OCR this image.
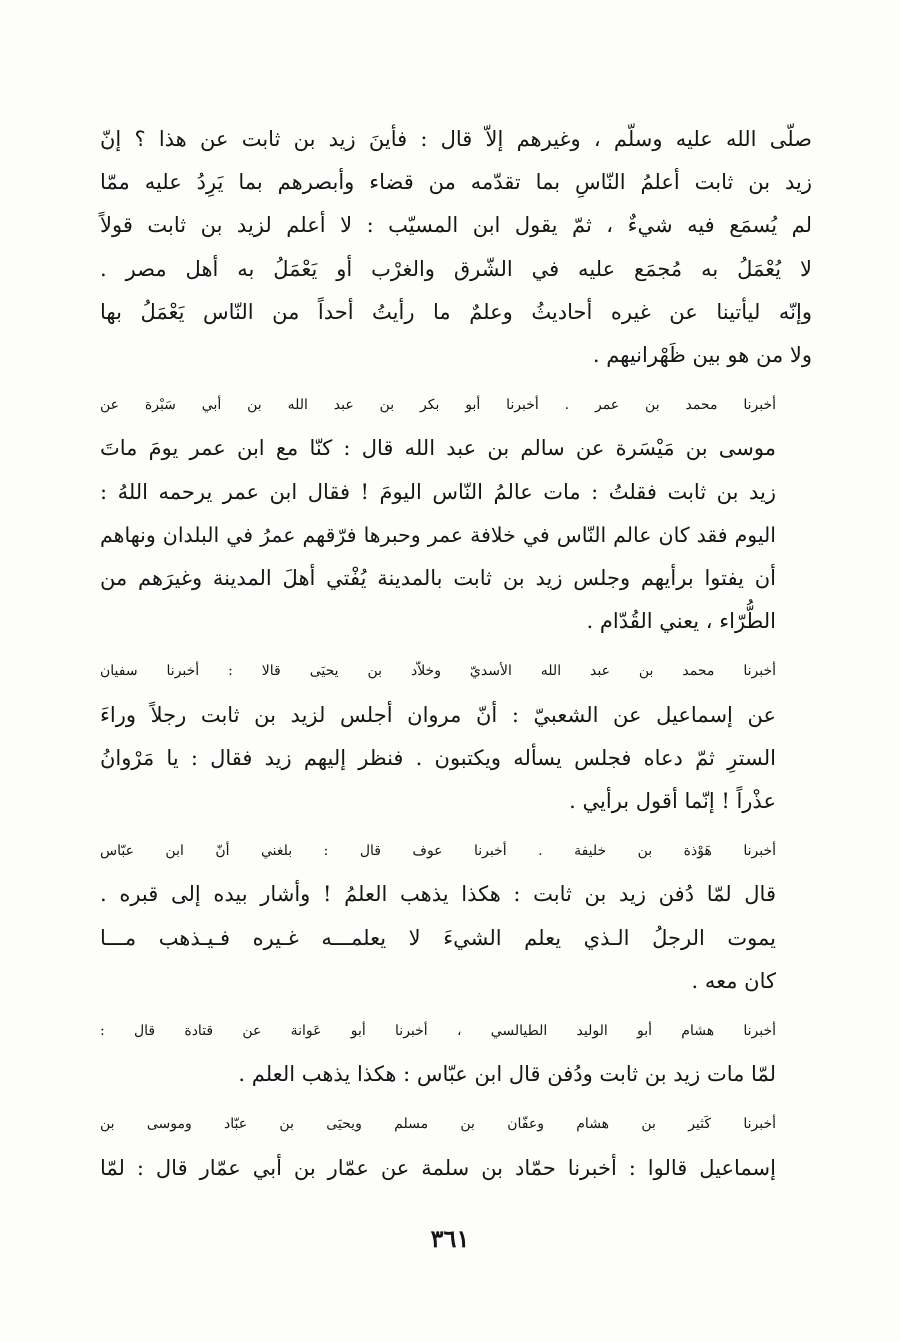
صلّى الله عليه وسلّم ، وغيرهم إلاّ قال : فأينَ زيد بن ثابت عن هذا ؟ إنّ
زيد بن ثابت أعلمُ النّاسِ بما تقدّمه من قضاء وأبصرهم بما يَرِدُ عليه ممّا
لم يُسمَع فيه شيءٌ ، ثمّ يقول ابن المسيّب : لا أعلم لزيد بن ثابت قولاً
لا يُعْمَلُ به مُجمَع عليه في الشّرق والغرْب أو يَعْمَلُ به أهل مصر .
وإنّه ليأتينا عن غيره أحاديثُ وعلمٌ ما رأيتُ أحداً من النّاس يَعْمَلُ بها
ولا من هو بين ظَهْرانيهم .

أخبرنا محمد بن عمر . أخبرنا أبو بكر بن عبد الله بن أبي سَبْرة عن
موسى بن مَيْسَرة عن سالم بن عبد الله قال : كنّا مع ابن عمر يومَ ماتَ
زيد بن ثابت فقلتُ : مات عالمُ النّاس اليومَ ! فقال ابن عمر يرحمه اللهُ :
اليوم فقد كان عالم النّاس في خلافة عمر وحبرها فرّقهم عمرُ في البلدان ونهاهم
أن يفتوا برأيهم وجلس زيد بن ثابت بالمدينة يُفْتي أهلَ المدينة وغيرَهم من
الطُّرّاء ، يعني القُدّام .

أخبرنا محمد بن عبد الله الأسديّ وخلاّد بن يحيَى قالا : أخبرنا سفيان
عن إسماعيل عن الشعبيّ : أنّ مروان أجلس لزيد بن ثابت رجلاً وراءَ
السترِ ثمّ دعاه فجلس يسأله ويكتبون . فنظر إليهم زيد فقال : يا مَرْوانُ
عذْراً ! إنّما أقول برأيي .

أخبرنا هَوْذة بن خليفة . أخبرنا عوف قال : بلغني أنّ ابن عبّاس
قال لمّا دُفن زيد بن ثابت : هكذا يذهب العلمُ ! وأشار بيده إلى قبره .
يموت الرجلُ الـذي يعلم الشيءَ لا يعلمـــه غـيره فـيـذهب مـــا
كان معه .

أخبرنا هشام أبو الوليد الطيالسي ، أخبرنا أبو عَوانة عن قتادة قال :
لمّا مات زيد بن ثابت ودُفن قال ابن عبّاس : هكذا يذهب العلم .

أخبرنا كَثير بن هشام وعفّان بن مسلم ويحيَى بن عبّاد وموسى بن
إسماعيل قالوا : أخبرنا حمّاد بن سلمة عن عمّار بن أبي عمّار قال : لمّا

٣٦١
